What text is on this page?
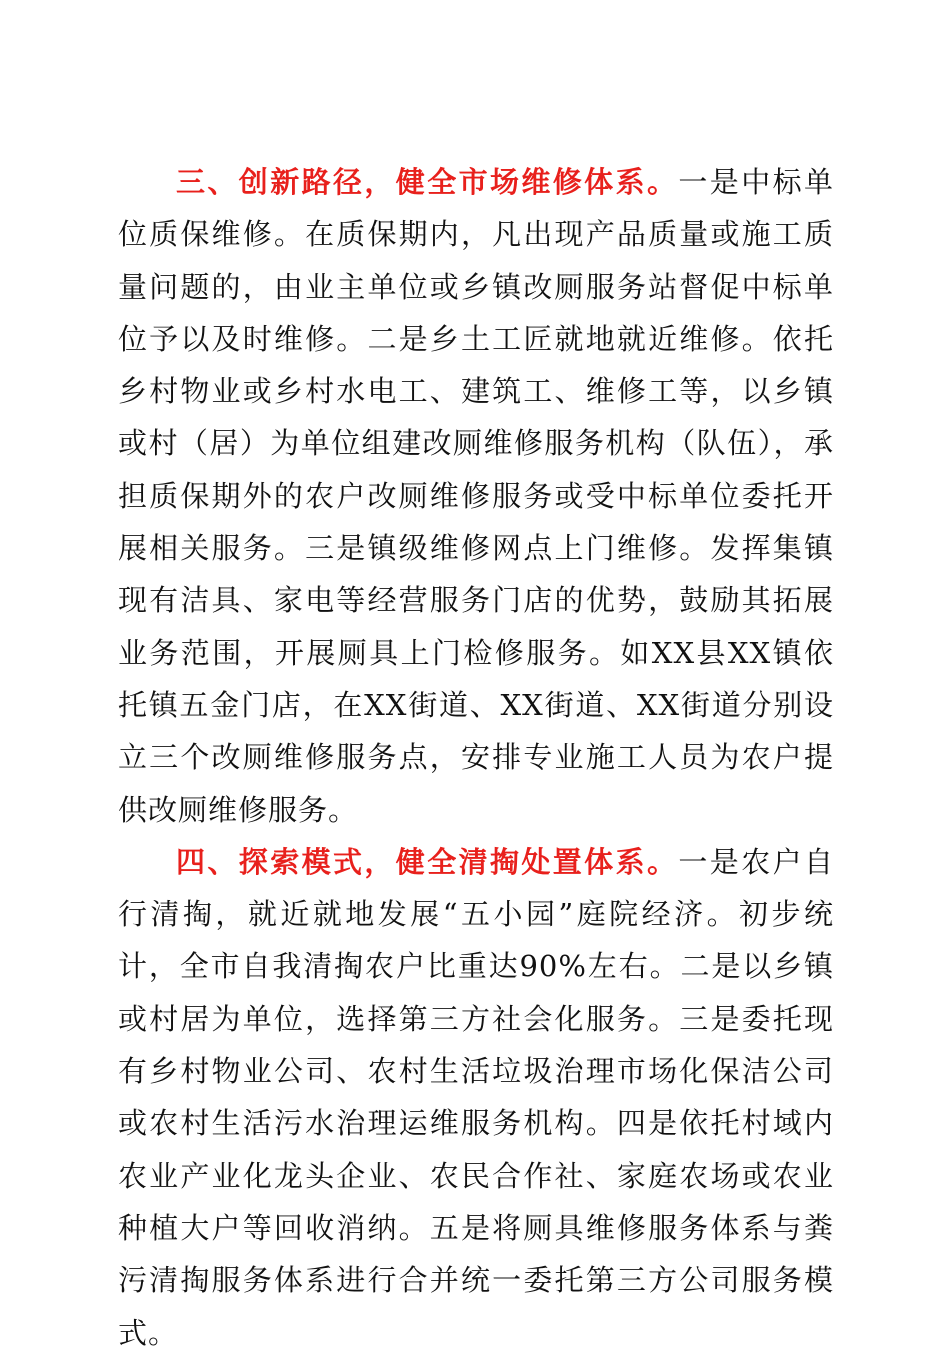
三、创新路径，健全市场维修体系。一是中标单位质保维修。在质保期内，凡出现产品质量或施工质量问题的，由业主单位或乡镇改厕服务站督促中标单位予以及时维修。二是乡土工匠就地就近维修。依托乡村物业或乡村水电工、建筑工、维修工等，以乡镇或村（居）为单位组建改厕维修服务机构（队伍），承担质保期外的农户改厕维修服务或受中标单位委托开展相关服务。三是镇级维修网点上门维修。发挥集镇现有洁具、家电等经营服务门店的优势，鼓励其拓展业务范围，开展厕具上门检修服务。如XX县XX镇依托镇五金门店，在XX街道、XX街道、XX街道分别设立三个改厕维修服务点，安排专业施工人员为农户提供改厕维修服务。

四、探索模式，健全清掏处置体系。一是农户自行清掏，就近就地发展“五小园”庭院经济。初步统计，全市自我清掏农户比重达90%左右。二是以乡镇或村居为单位，选择第三方社会化服务。三是委托现有乡村物业公司、农村生活垃圾治理市场化保洁公司或农村生活污水治理运维服务机构。四是依托村域内农业产业化龙头企业、农民合作社、家庭农场或农业种植大户等回收消纳。五是将厕具维修服务体系与粪污清掏服务体系进行合并统一委托第三方公司服务模式。
